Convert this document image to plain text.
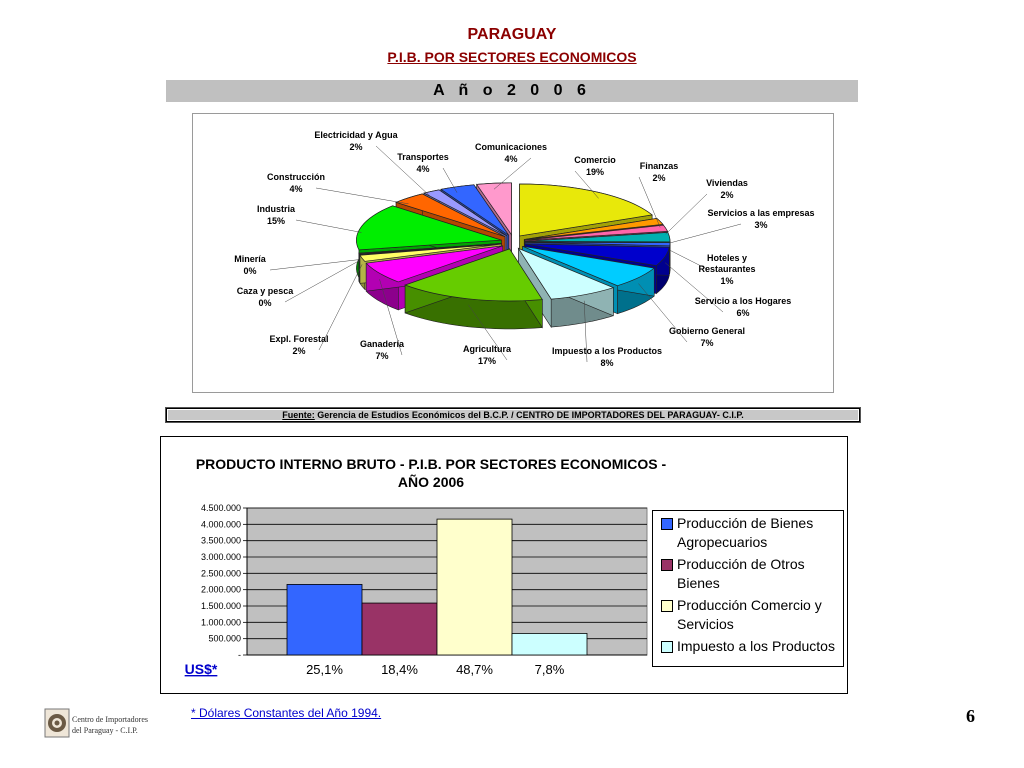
PARAGUAY
P.I.B. POR SECTORES ECONOMICOS
A ñ o 2 0 0 6
Comercio
19%
Finanzas
2%	Viviendas
2%
Servicios a las empresas
3%
Hoteles y
Restaurantes
1%
Servicio a los Hogares
6%
Gobierno General
7%
Impuesto a los Productos
8%
Agricultura
17%
Ganadería
7%
Expl. Forestal
2%
Caza y pesca
0%
Minería
0%
Industria
15%
Construcción
4%
Electricidad y Agua
2%
Transportes
4%
Comunicaciones
4%
Fuente: Gerencia de Estudios Económicos del B.C.P. / CENTRO DE IMPORTADORES DEL PARAGUAY- C.I.P.
PRODUCTO INTERNO BRUTO - P.I.B. POR SECTORES ECONOMICOS -
AÑO 2006
-
500.000
1.000.000
1.500.000
2.000.000
2.500.000
3.000.000
3.500.000
4.000.000
4.500.000
25,1%	18,4%	48,7%	7,8%
US$*
Producción de Bienes Agropecuarios
Producción de Otros Bienes
Producción Comercio y Servicios
Impuesto a los Productos
Centro de Importadores
del Paraguay - C.I.P.
* Dólares Constantes del Año 1994.	6
